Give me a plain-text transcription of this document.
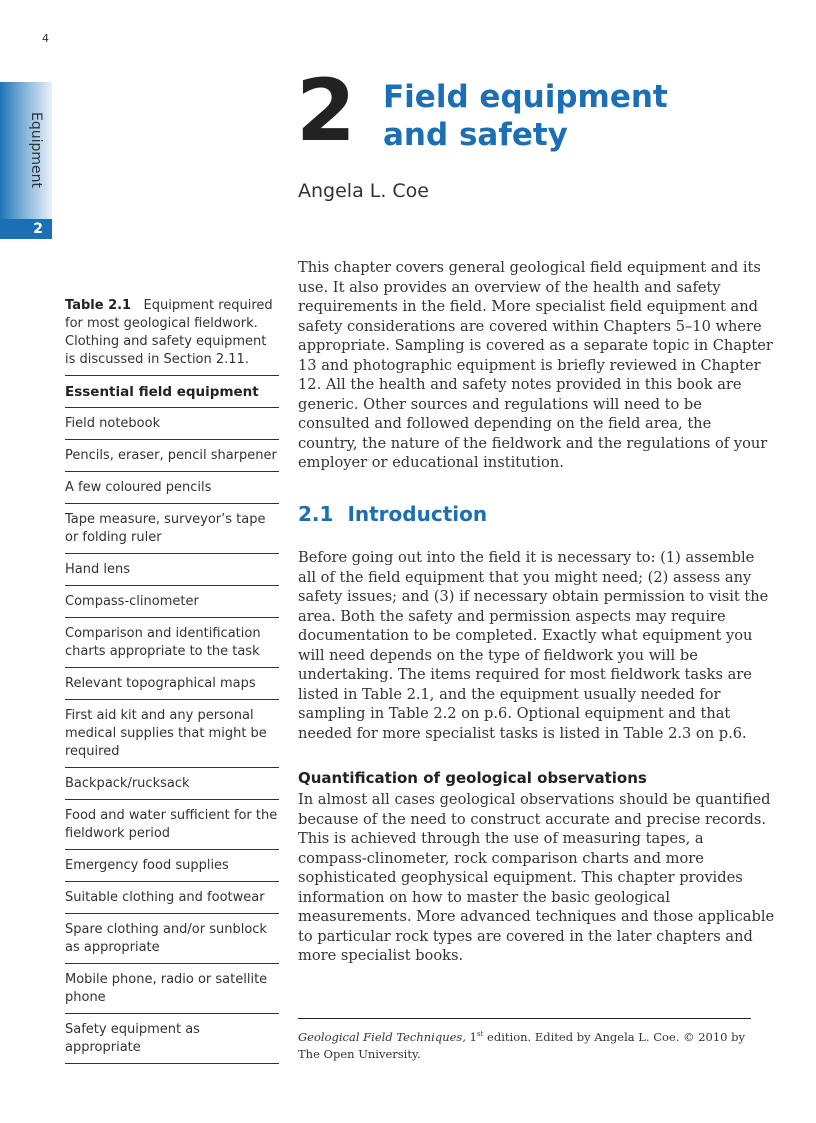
4
Equipment
2
2 Field equipment
and safety
Angela L. Coe
Table 2.1 Equipment required for most geological fieldwork. Clothing and safety equipment is discussed in Section 2.11.
Essential field equipment
Field notebook
Pencils, eraser, pencil sharpener
A few coloured pencils
Tape measure, surveyor’s tape or folding ruler
Hand lens
Compass-clinometer
Comparison and identification charts appropriate to the task
Relevant topographical maps
First aid kit and any personal medical supplies that might be required
Backpack/rucksack
Food and water sufficient for the fieldwork period
Emergency food supplies
Suitable clothing and footwear
Spare clothing and/or sunblock as appropriate
Mobile phone, radio or satellite phone
Safety equipment as appropriate
This chapter covers general geological field equipment and its
use. It also provides an overview of the health and safety
requirements in the field. More specialist field equipment and
safety considerations are covered within Chapters 5–10 where
appropriate. Sampling is covered as a separate topic in Chapter
13 and photographic equipment is briefly reviewed in Chapter
12. All the health and safety notes provided in this book are
generic. Other sources and regulations will need to be
consulted and followed depending on the field area, the
country, the nature of the fieldwork and the regulations of your
employer or educational institution.
2.1 Introduction
Before going out into the field it is necessary to: (1) assemble
all of the field equipment that you might need; (2) assess any
safety issues; and (3) if necessary obtain permission to visit the
area. Both the safety and permission aspects may require
documentation to be completed. Exactly what equipment you
will need depends on the type of fieldwork you will be
undertaking. The items required for most fieldwork tasks are
listed in Table 2.1, and the equipment usually needed for
sampling in Table 2.2 on p.6. Optional equipment and that
needed for more specialist tasks is listed in Table 2.3 on p.6.
Quantification of geological observations
In almost all cases geological observations should be quantified
because of the need to construct accurate and precise records.
This is achieved through the use of measuring tapes, a
compass-clinometer, rock comparison charts and more
sophisticated geophysical equipment. This chapter provides
information on how to master the basic geological
measurements. More advanced techniques and those applicable
to particular rock types are covered in the later chapters and
more specialist books.
Geological Field Techniques, 1st edition. Edited by Angela L. Coe. © 2010 by
The Open University.
